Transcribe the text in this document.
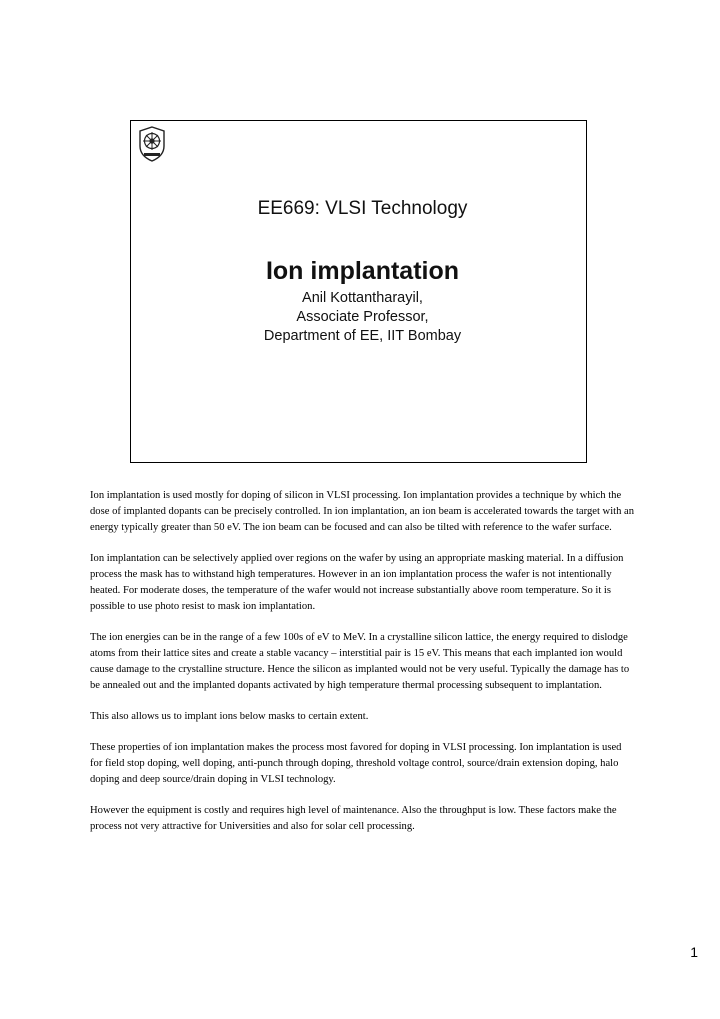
EE669: VLSI Technology

Ion implantation

Anil Kottantharayil,
Associate Professor,
Department of EE, IIT Bombay

Ion implantation is used mostly for doping of silicon in VLSI processing. Ion implantation provides a technique by which the dose of implanted dopants can be precisely controlled. In ion implantation, an ion beam is accelerated towards the target with an energy typically greater than 50 eV. The ion beam can be focused and can also be tilted with reference to the wafer surface.

Ion implantation can be selectively applied over regions on the wafer by using an appropriate masking material. In a diffusion process the mask has to withstand high temperatures. However in an ion implantation process the wafer is not intentionally heated. For moderate doses, the temperature of the wafer would not increase substantially above room temperature. So it is possible to use photo resist to mask ion implantation.

The ion energies can be in the range of a few 100s of eV to MeV. In a crystalline silicon lattice, the energy required to dislodge atoms from their lattice sites and create a stable vacancy – interstitial pair is 15 eV. This means that each implanted ion would cause damage to the crystalline structure. Hence the silicon as implanted would not be very useful. Typically the damage has to be annealed out and the implanted dopants activated by high temperature thermal processing subsequent to implantation.

This also allows us to implant ions below masks to certain extent.

These properties of ion implantation makes the process most favored for doping in VLSI processing. Ion implantation is used for field stop doping, well doping, anti-punch through doping, threshold voltage control, source/drain extension doping, halo doping and deep source/drain doping in VLSI technology.

However the equipment is costly and requires high level of maintenance. Also the throughput is low. These factors make the process not very attractive for Universities and also for solar cell processing.

1
